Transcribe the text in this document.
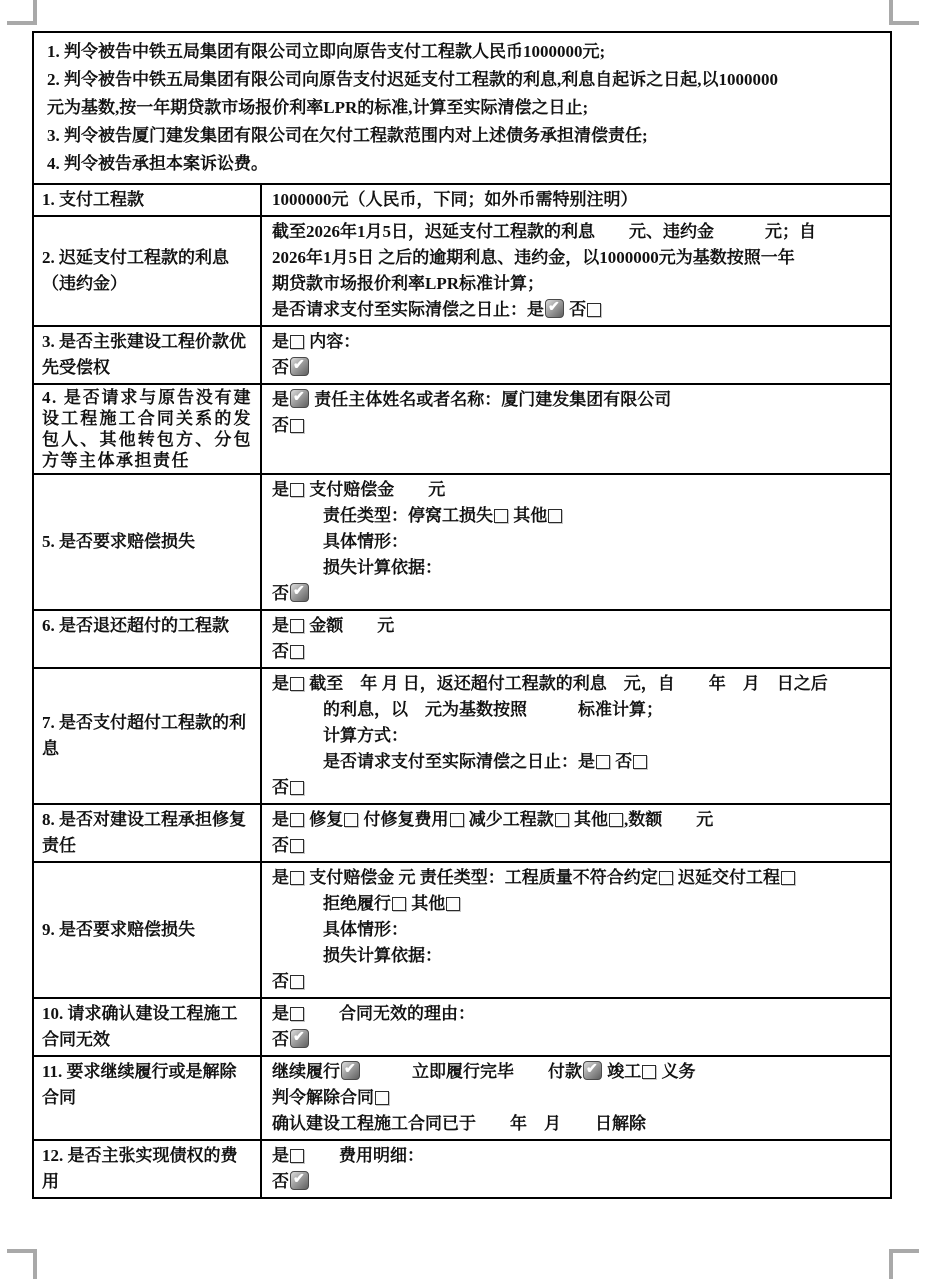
1. 判令被告中铁五局集团有限公司立即向原告支付工程款人民币1000000元;
2. 判令被告中铁五局集团有限公司向原告支付迟延支付工程款的利息,利息自起诉之日起,以1000000
元为基数,按一年期贷款市场报价利率LPR的标准,计算至实际清偿之日止;
3. 判令被告厦门建发集团有限公司在欠付工程款范围内对上述债务承担清偿责任;
4. 判令被告承担本案诉讼费。
1. 支付工程款	1000000元（人民币，下同；如外币需特别注明）

2. 迟延支付工程款的利息（违约金）	截至2026年1月5日，迟延支付工程款的利息　　元、违约金　　　元；自
2026年1月5日 之后的逾期利息、违约金，以1000000元为基数按照一年
期贷款市场报价利率LPR标准计算；
是否请求支付至实际清偿之日止：是 ✔ 否

3. 是否主张建设工程价款优先受偿权	是 内容：
否 ✔

4. 是否请求与原告没有建设工程施工合同关系的发包人、其他转包方、分包方等主体承担责任	是 ✔ 责任主体姓名或者名称：厦门建发集团有限公司
否

5. 是否要求赔偿损失	是 支付赔偿金　　元
　　　责任类型：停窝工损失 其他
　　　具体情形：
　　　损失计算依据：
否 ✔

6. 是否退还超付的工程款	是 金额　　元
否

7. 是否支付超付工程款的利息	是 截至　年 月 日，返还超付工程款的利息　元，自　　年　月　日之后
　　　的利息，以　元为基数按照　　　标准计算；
　　　计算方式：
　　　是否请求支付至实际清偿之日止：是 否
否

8. 是否对建设工程承担修复责任	是 修复 付修复费用 减少工程款 其他 ,数额　　元
否

9. 是否要求赔偿损失	是 支付赔偿金 元 责任类型：工程质量不符合约定 迟延交付工程
　　　拒绝履行 其他
　　　具体情形：
　　　损失计算依据：
否

10. 请求确认建设工程施工合同无效	是　　合同无效的理由：
否 ✔

11. 要求继续履行或是解除合同	继续履行 ✔　　　立即履行完毕　　付款 ✔ 竣工 义务
判令解除合同
确认建设工程施工合同已于　　年　月　　日解除

12. 是否主张实现债权的费用	是　　费用明细：
否 ✔
